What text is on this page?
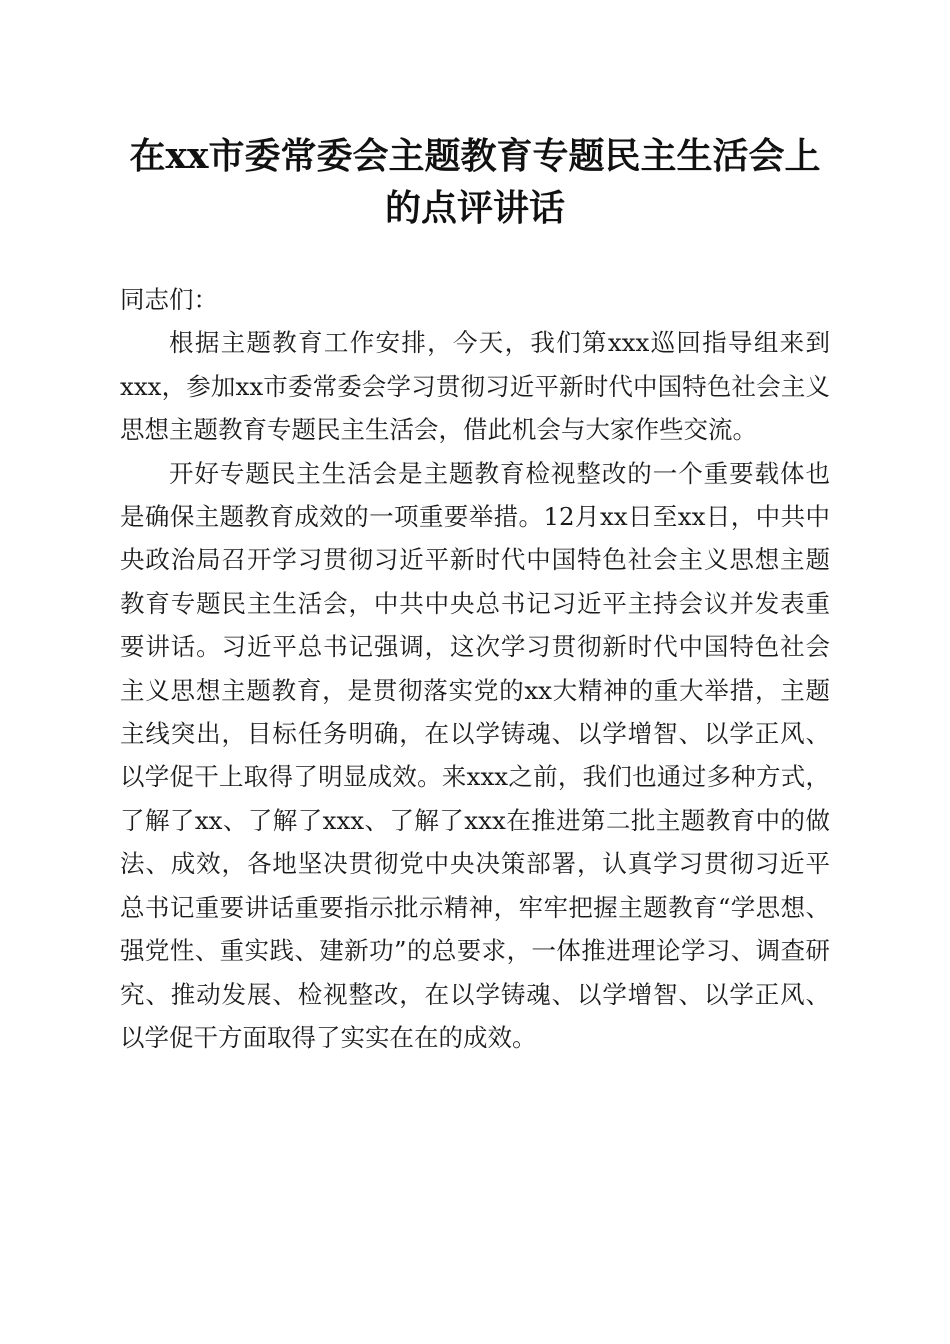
在xx市委常委会主题教育专题民主生活会上
的点评讲话

同志们：

根据主题教育工作安排，今天，我们第xxx巡回指导组来到xxx，参加xx市委常委会学习贯彻习近平新时代中国特色社会主义思想主题教育专题民主生活会，借此机会与大家作些交流。

开好专题民主生活会是主题教育检视整改的一个重要载体也是确保主题教育成效的一项重要举措。12月xx日至xx日，中共中央政治局召开学习贯彻习近平新时代中国特色社会主义思想主题教育专题民主生活会，中共中央总书记习近平主持会议并发表重要讲话。习近平总书记强调，这次学习贯彻新时代中国特色社会主义思想主题教育，是贯彻落实党的xx大精神的重大举措，主题主线突出，目标任务明确，在以学铸魂、以学增智、以学正风、以学促干上取得了明显成效。来xxx之前，我们也通过多种方式，了解了xx、了解了xxx、了解了xxx在推进第二批主题教育中的做法、成效，各地坚决贯彻党中央决策部署，认真学习贯彻习近平总书记重要讲话重要指示批示精神，牢牢把握主题教育“学思想、强党性、重实践、建新功”的总要求，一体推进理论学习、调查研究、推动发展、检视整改，在以学铸魂、以学增智、以学正风、以学促干方面取得了实实在在的成效。
